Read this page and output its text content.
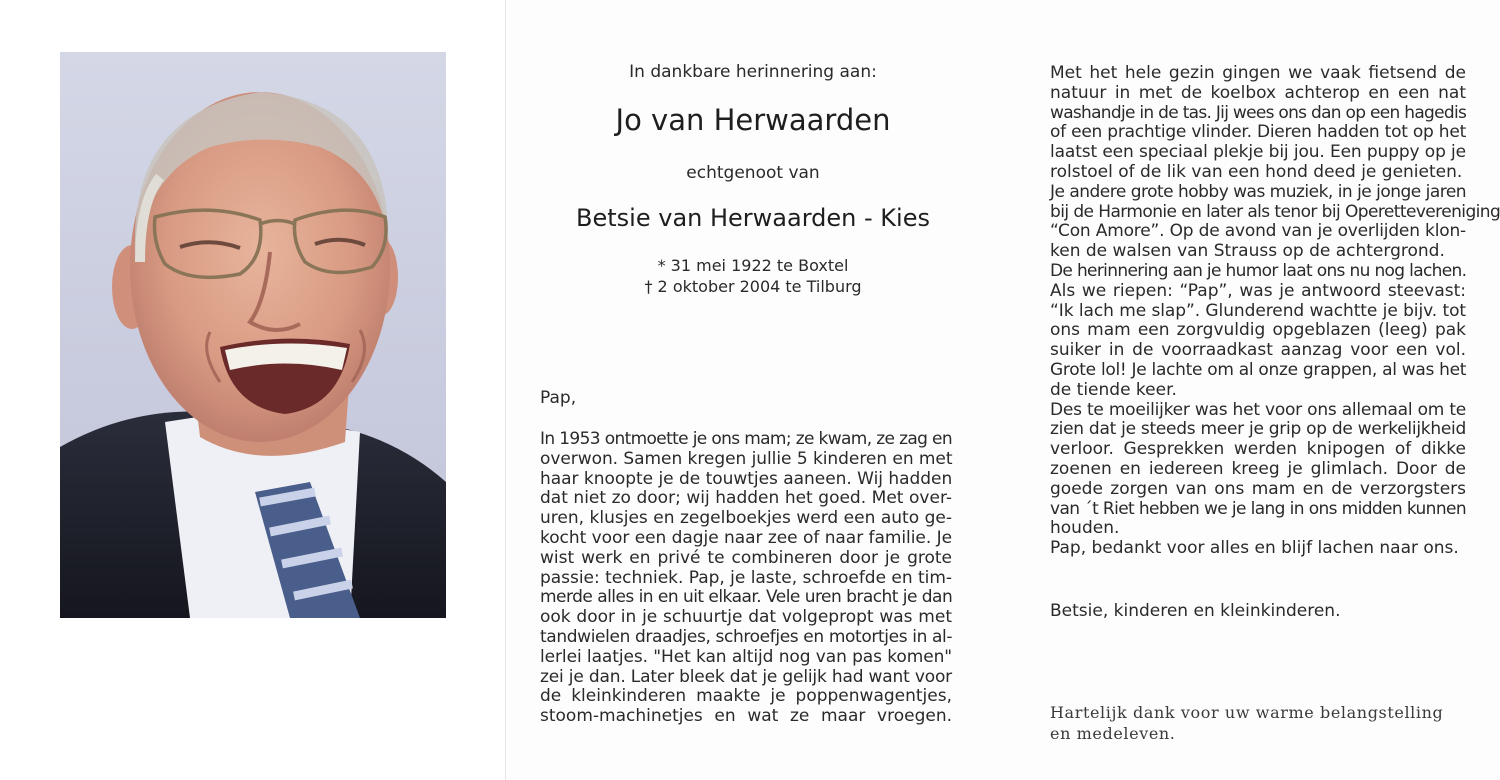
In dankbare herinnering aan:
Jo van Herwaarden
echtgenoot van
Betsie van Herwaarden - Kies
* 31 mei 1922 te Boxtel
† 2 oktober 2004 te Tilburg
Pap,
In 1953 ontmoette je ons mam; ze kwam, ze zag en
overwon. Samen kregen jullie 5 kinderen en met
haar knoopte je de touwtjes aaneen. Wij hadden
dat niet zo door; wij hadden het goed. Met over-
uren, klusjes en zegelboekjes werd een auto ge-
kocht voor een dagje naar zee of naar familie. Je
wist werk en privé te combineren door je grote
passie: techniek. Pap, je laste, schroefde en tim-
merde alles in en uit elkaar. Vele uren bracht je dan
ook door in je schuurtje dat volgepropt was met
tandwielen draadjes, schroefjes en motortjes in al-
lerlei laatjes. "Het kan altijd nog van pas komen"
zei je dan. Later bleek dat je gelijk had want voor
de kleinkinderen maakte je poppenwagentjes,
stoom-machinetjes en wat ze maar vroegen.
Met het hele gezin gingen we vaak fietsend de
natuur in met de koelbox achterop en een nat
washandje in de tas. Jij wees ons dan op een hagedis
of een prachtige vlinder. Dieren hadden tot op het
laatst een speciaal plekje bij jou. Een puppy op je
rolstoel of de lik van een hond deed je genieten.
Je andere grote hobby was muziek, in je jonge jaren
bij de Harmonie en later als tenor bij Operettevereniging
“Con Amore”. Op de avond van je overlijden klon-
ken de walsen van Strauss op de achtergrond.
De herinnering aan je humor laat ons nu nog lachen.
Als we riepen: “Pap”, was je antwoord steevast:
“Ik lach me slap”. Glunderend wachtte je bijv. tot
ons mam een zorgvuldig opgeblazen (leeg) pak
suiker in de voorraadkast aanzag voor een vol.
Grote lol! Je lachte om al onze grappen, al was het
de tiende keer.
Des te moeilijker was het voor ons allemaal om te
zien dat je steeds meer je grip op de werkelijkheid
verloor. Gesprekken werden knipogen of dikke
zoenen en iedereen kreeg je glimlach. Door de
goede zorgen van ons mam en de verzorgsters
van ´t Riet hebben we je lang in ons midden kunnen
houden.
Pap, bedankt voor alles en blijf lachen naar ons.
Betsie, kinderen en kleinkinderen.
Hartelijk dank voor uw warme belangstelling
en medeleven.
